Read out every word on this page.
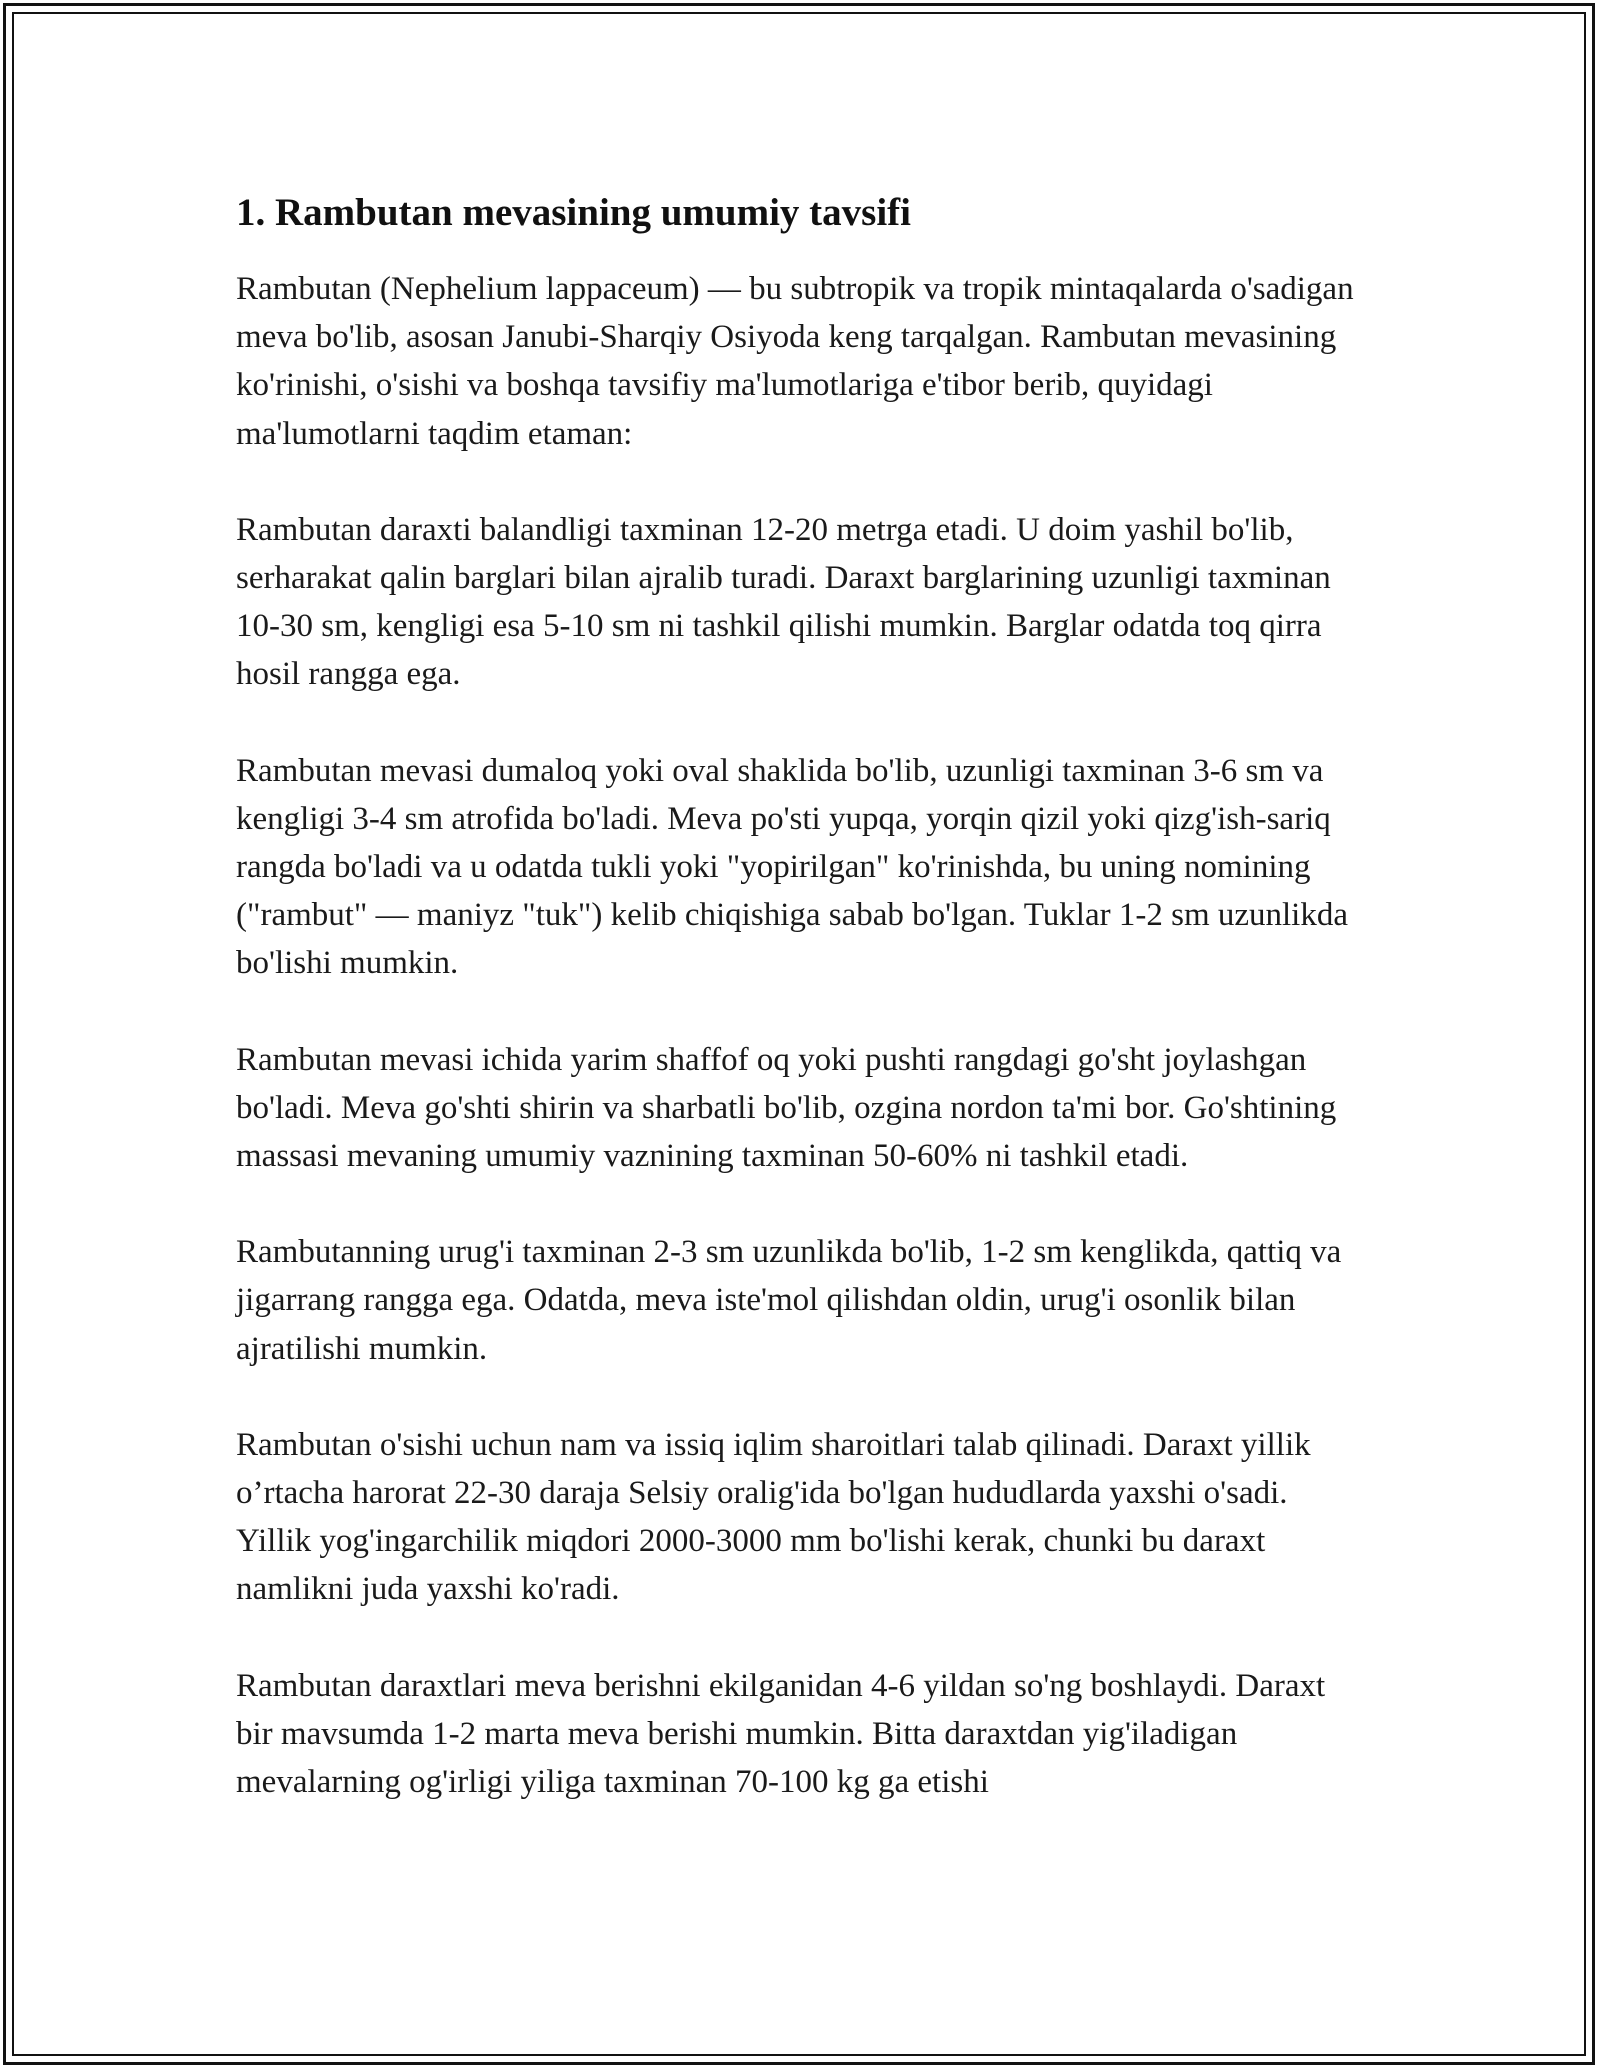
1. Rambutan mevasining umumiy tavsifi

Rambutan (Nephelium lappaceum) — bu subtropik va tropik mintaqalarda o'sadigan meva bo'lib, asosan Janubi-Sharqiy Osiyoda keng tarqalgan. Rambutan mevasining ko'rinishi, o'sishi va boshqa tavsifiy ma'lumotlariga e'tibor berib, quyidagi ma'lumotlarni taqdim etaman:

Rambutan daraxti balandligi taxminan 12-20 metrga etadi. U doim yashil bo'lib, serharakat qalin barglari bilan ajralib turadi. Daraxt barglarining uzunligi taxminan 10-30 sm, kengligi esa 5-10 sm ni tashkil qilishi mumkin. Barglar odatda toq qirra hosil rangga ega.

Rambutan mevasi dumaloq yoki oval shaklida bo'lib, uzunligi taxminan 3-6 sm va kengligi 3-4 sm atrofida bo'ladi. Meva po'sti yupqa, yorqin qizil yoki qizg'ish-sariq rangda bo'ladi va u odatda tukli yoki "yopirilgan" ko'rinishda, bu uning nomining ("rambut" — maniyz "tuk") kelib chiqishiga sabab bo'lgan. Tuklar 1-2 sm uzunlikda bo'lishi mumkin.

Rambutan mevasi ichida yarim shaffof oq yoki pushti rangdagi go'sht joylashgan bo'ladi. Meva go'shti shirin va sharbatli bo'lib, ozgina nordon ta'mi bor. Go'shtining massasi mevaning umumiy vaznining taxminan 50-60% ni tashkil etadi.

Rambutanning urug'i taxminan 2-3 sm uzunlikda bo'lib, 1-2 sm kenglikda, qattiq va jigarrang rangga ega. Odatda, meva iste'mol qilishdan oldin, urug'i osonlik bilan ajratilishi mumkin.

Rambutan o'sishi uchun nam va issiq iqlim sharoitlari talab qilinadi. Daraxt yillik o’rtacha harorat 22-30 daraja Selsiy oralig'ida bo'lgan hududlarda yaxshi o'sadi. Yillik yog'ingarchilik miqdori 2000-3000 mm bo'lishi kerak, chunki bu daraxt namlikni juda yaxshi ko'radi.

Rambutan daraxtlari meva berishni ekilganidan 4-6 yildan so'ng boshlaydi. Daraxt bir mavsumda 1-2 marta meva berishi mumkin. Bitta daraxtdan yig'iladigan mevalarning og'irligi yiliga taxminan 70-100 kg ga etishi
